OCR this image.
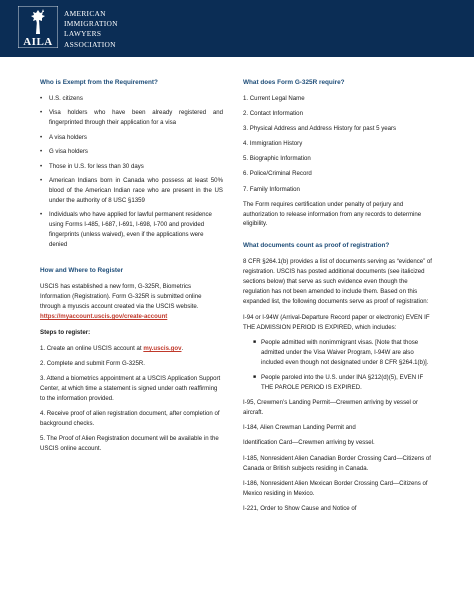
AILA
AMERICAN
IMMIGRATION
LAWYERS
ASSOCIATION
Who is Exempt from the Requirement?
• U.S. citizens
• Visa holders who have been already registered and fingerprinted through their application for a visa
• A visa holders
• G visa holders
• Those in U.S. for less than 30 days
• American Indians born in Canada who possess at least 50% blood of the American Indian race who are present in the US under the authority of 8 USC §1359
• Individuals who have applied for lawful permanent residence using Forms I-485, I-687, I-691, I-698, I-700 and provided fingerprints (unless waived), even if the applications were denied
How and Where to Register

USCIS has established a new form, G-325R, Biometrics Information (Registration). Form G-325R is submitted online through a myuscis account created via the USCIS website. https://myaccount.uscis.gov/create-account

Steps to register:

1. Create an online USCIS account at my.uscis.gov.
2. Complete and submit Form G-325R.
3. Attend a biometrics appointment at a USCIS Application Support Center, at which time a statement is signed under oath reaffirming to the information provided.
4. Receive proof of alien registration document, after completion of background checks.
5. The Proof of Alien Registration document will be available in the USCIS online account.
What does Form G-325R require?
1. Current Legal Name
2. Contact Information
3. Physical Address and Address History for past 5 years
4. Immigration History
5. Biographic Information
6. Police/Criminal Record
7. Family Information

The Form requires certification under penalty of perjury and authorization to release information from any records to determine eligibility.

What documents count as proof of registration?

8 CFR §264.1(b) provides a list of documents serving as “evidence” of registration. USCIS has posted additional documents (see italicized sections below) that serve as such evidence even though the regulation has not been amended to include them. Based on this expanded list, the following documents serve as proof of registration:

I-94 or I-94W (Arrival-Departure Record paper or electronic) EVEN IF THE ADMISSION PERIOD IS EXPIRED, which includes:
■ People admitted with nonimmigrant visas. [Note that those admitted under the Visa Waiver Program, I-94W are also included even though not designated under 8 CFR §264.1(b)].
■ People paroled into the U.S. under INA §212(d)(5), EVEN IF THE PAROLE PERIOD IS EXPIRED.
I-95, Crewmen’s Landing Permit—Crewmen arriving by vessel or aircraft.
I-184, Alien Crewman Landing Permit and
Identification Card—Crewmen arriving by vessel.
I-185, Nonresident Alien Canadian Border Crossing Card—Citizens of Canada or British subjects residing in Canada.
I-186, Nonresident Alien Mexican Border Crossing Card—Citizens of Mexico residing in Mexico.
I-221, Order to Show Cause and Notice of
